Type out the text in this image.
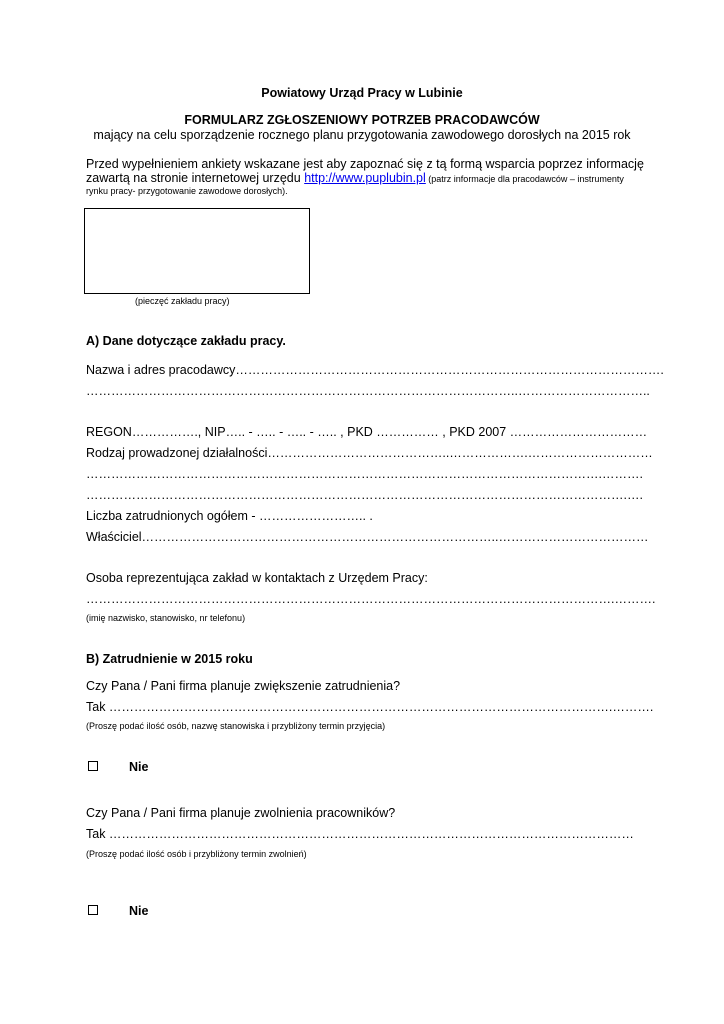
Powiatowy Urząd Pracy w Lubinie
FORMULARZ ZGŁOSZENIOWY POTRZEB PRACODAWCÓW
mający na celu sporządzenie rocznego planu przygotowania zawodowego dorosłych na 2015 rok
Przed wypełnieniem ankiety wskazane jest aby zapoznać się z tą formą wsparcia poprzez informację
zawartą na stronie internetowej urzędu http://www.puplubin.pl (patrz informacje dla pracodawców – instrumenty
rynku pracy- przygotowanie zawodowe dorosłych).
(pieczęć zakładu pracy)
A) Dane dotyczące zakładu pracy.
Nazwa i adres pracodawcy………………………………………………………………………………………….
…………………………………………………………………………………………..…………………………..
REGON……………., NIP….. - ….. - ….. - ….. , PKD …………… , PKD 2007 ……………………………
Rodzaj prowadzonej działalności……………………………………..……………….…………………………
…………………………………………………………………………………………………………….……….
………………………………………………………………………………………………………………….….
Liczba zatrudnionych ogółem - …………………….. .
Właściciel…………………………………………………………………………..………………………………
Osoba reprezentująca zakład w kontaktach z Urzędem Pracy:
……………………………………………………………………………………………………………….……….
(imię nazwisko, stanowisko, nr telefonu)
B) Zatrudnienie w 2015 roku
Czy Pana / Pani firma planuje zwiększenie zatrudnienia?
Tak ………………………………………………………………………………………………………….……….
(Proszę podać ilość osób, nazwę stanowiska i przybliżony termin przyjęcia)
Nie
Czy Pana / Pani firma planuje zwolnienia pracowników?
Tak ………………………………………………………………………………………………………………
(Proszę podać ilość osób i przybliżony termin zwolnień)
Nie
